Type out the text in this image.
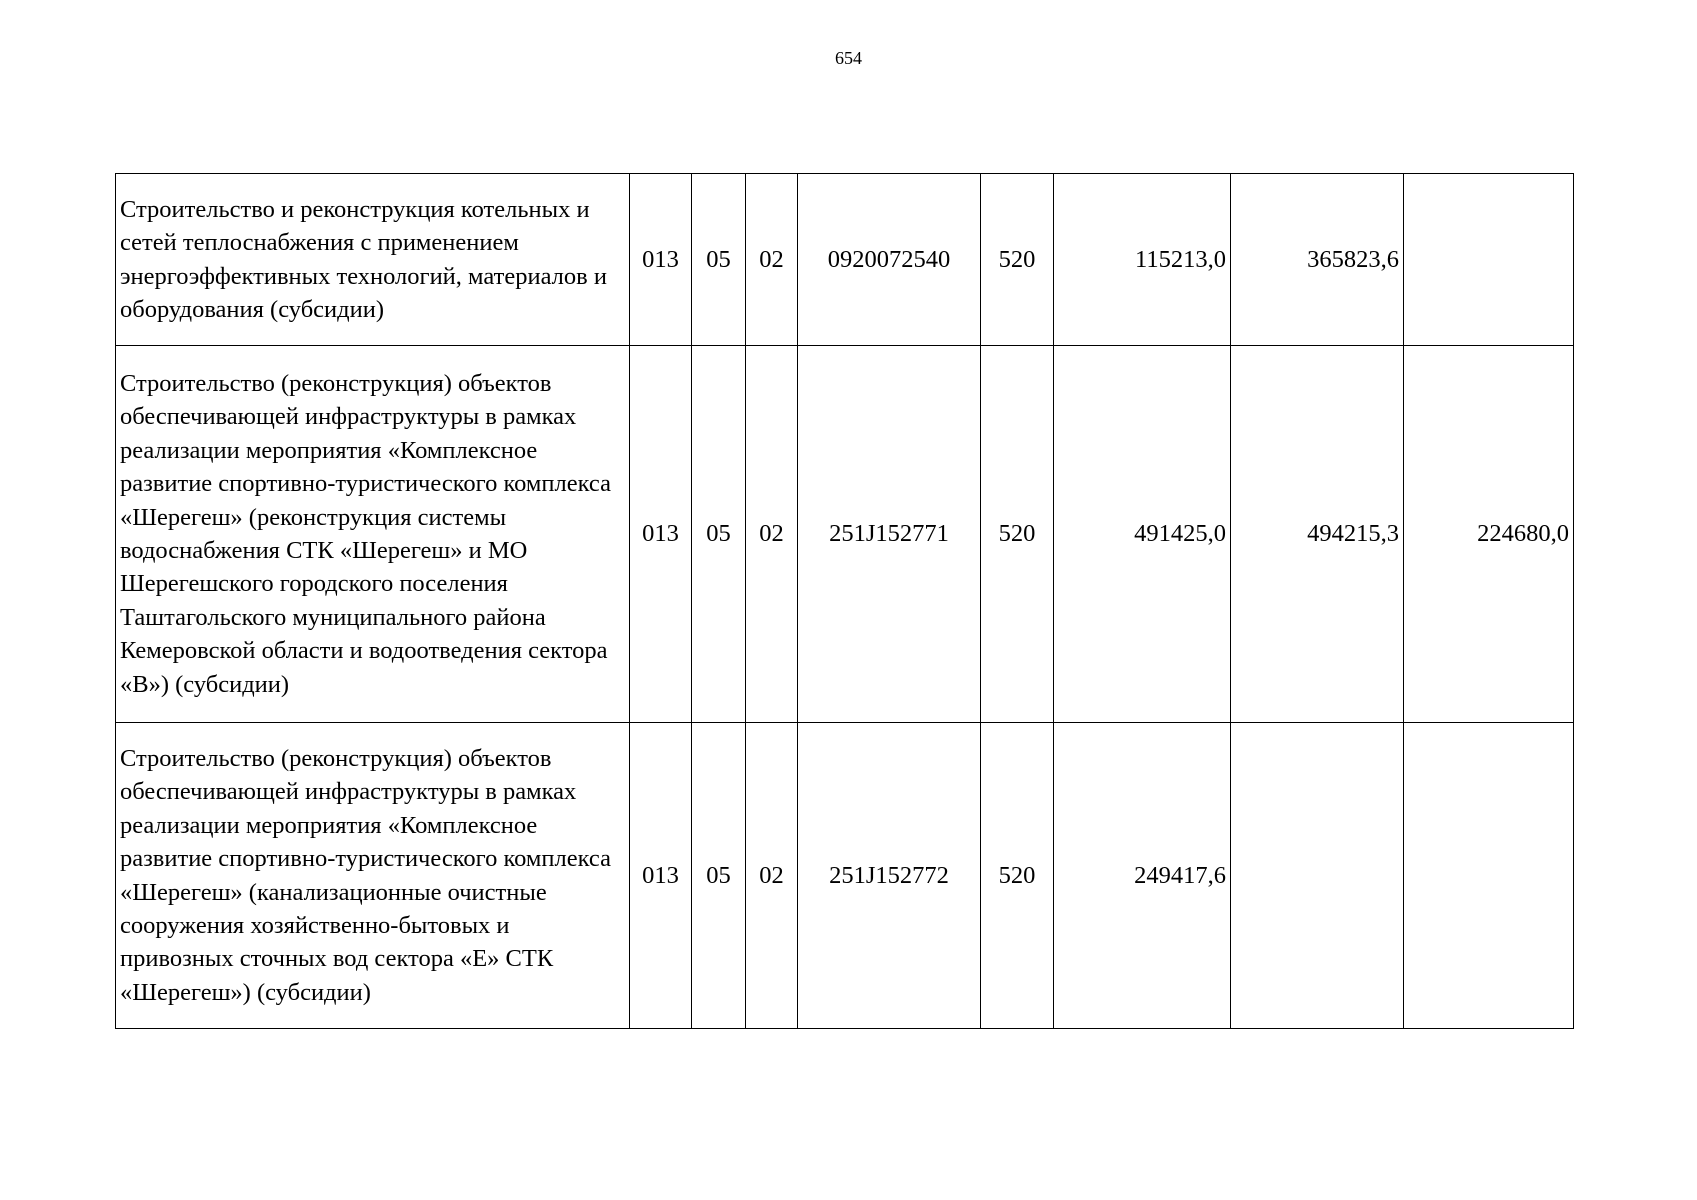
654
Строительство и реконструкция котельных и сетей теплоснабжения с применением энергоэффективных технологий, материалов и оборудования (субсидии)	013	05	02	0920072540	520	115213,0	365823,6	
Строительство (реконструкция) объектов обеспечивающей инфраструктуры в рамках реализации мероприятия «Комплексное развитие спортивно-туристического комплекса «Шерегеш» (реконструкция системы водоснабжения СТК «Шерегеш» и МО Шерегешского городского поселения Таштагольского муниципального района Кемеровской области и водоотведения сектора «В») (субсидии)	013	05	02	251J152771	520	491425,0	494215,3	224680,0
Строительство (реконструкция) объектов обеспечивающей инфраструктуры в рамках реализации мероприятия «Комплексное развитие спортивно-туристического комплекса «Шерегеш» (канализационные очистные сооружения хозяйственно-бытовых и привозных сточных вод сектора «Е» СТК «Шерегеш») (субсидии)	013	05	02	251J152772	520	249417,6		
